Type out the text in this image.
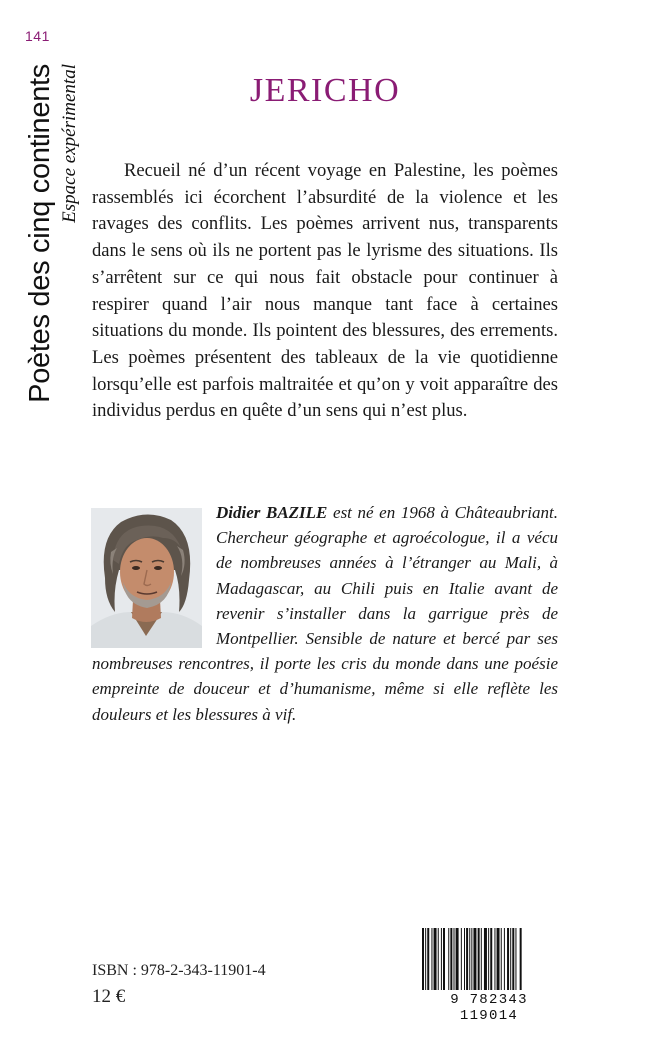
141
Poètes des cinq continents Espace expérimental	JERICHO

Recueil né d’un récent voyage en Palestine, les poèmes rassemblés ici écorchent l’absurdité de la violence et les ravages des conflits. Les poèmes arrivent nus, transparents dans le sens où ils ne portent pas le lyrisme des situations. Ils s’arrêtent sur ce qui nous fait obstacle pour continuer à respirer quand l’air nous manque tant face à certaines situations du monde. Ils pointent des blessures, des errements. Les poèmes présentent des tableaux de la vie quotidienne lorsqu’elle est parfois maltraitée et qu’on y voit apparaître des individus perdus en quête d’un sens qui n’est plus.

Didier BAZILE est né en 1968 à Châteaubriant. Chercheur géographe et agroécologue, il a vécu de nombreuses années à l’étranger au Mali, à Madagascar, au Chili puis en Italie avant de revenir s’installer dans la garrigue près de Montpellier. Sensible de nature et bercé par ses nombreuses rencontres, il porte les cris du monde dans une poésie empreinte de douceur et d’humanisme, même si elle reflète les douleurs et les blessures à vif.

ISBN : 978-2-343-11901-4
12 €	9 782343 119014
